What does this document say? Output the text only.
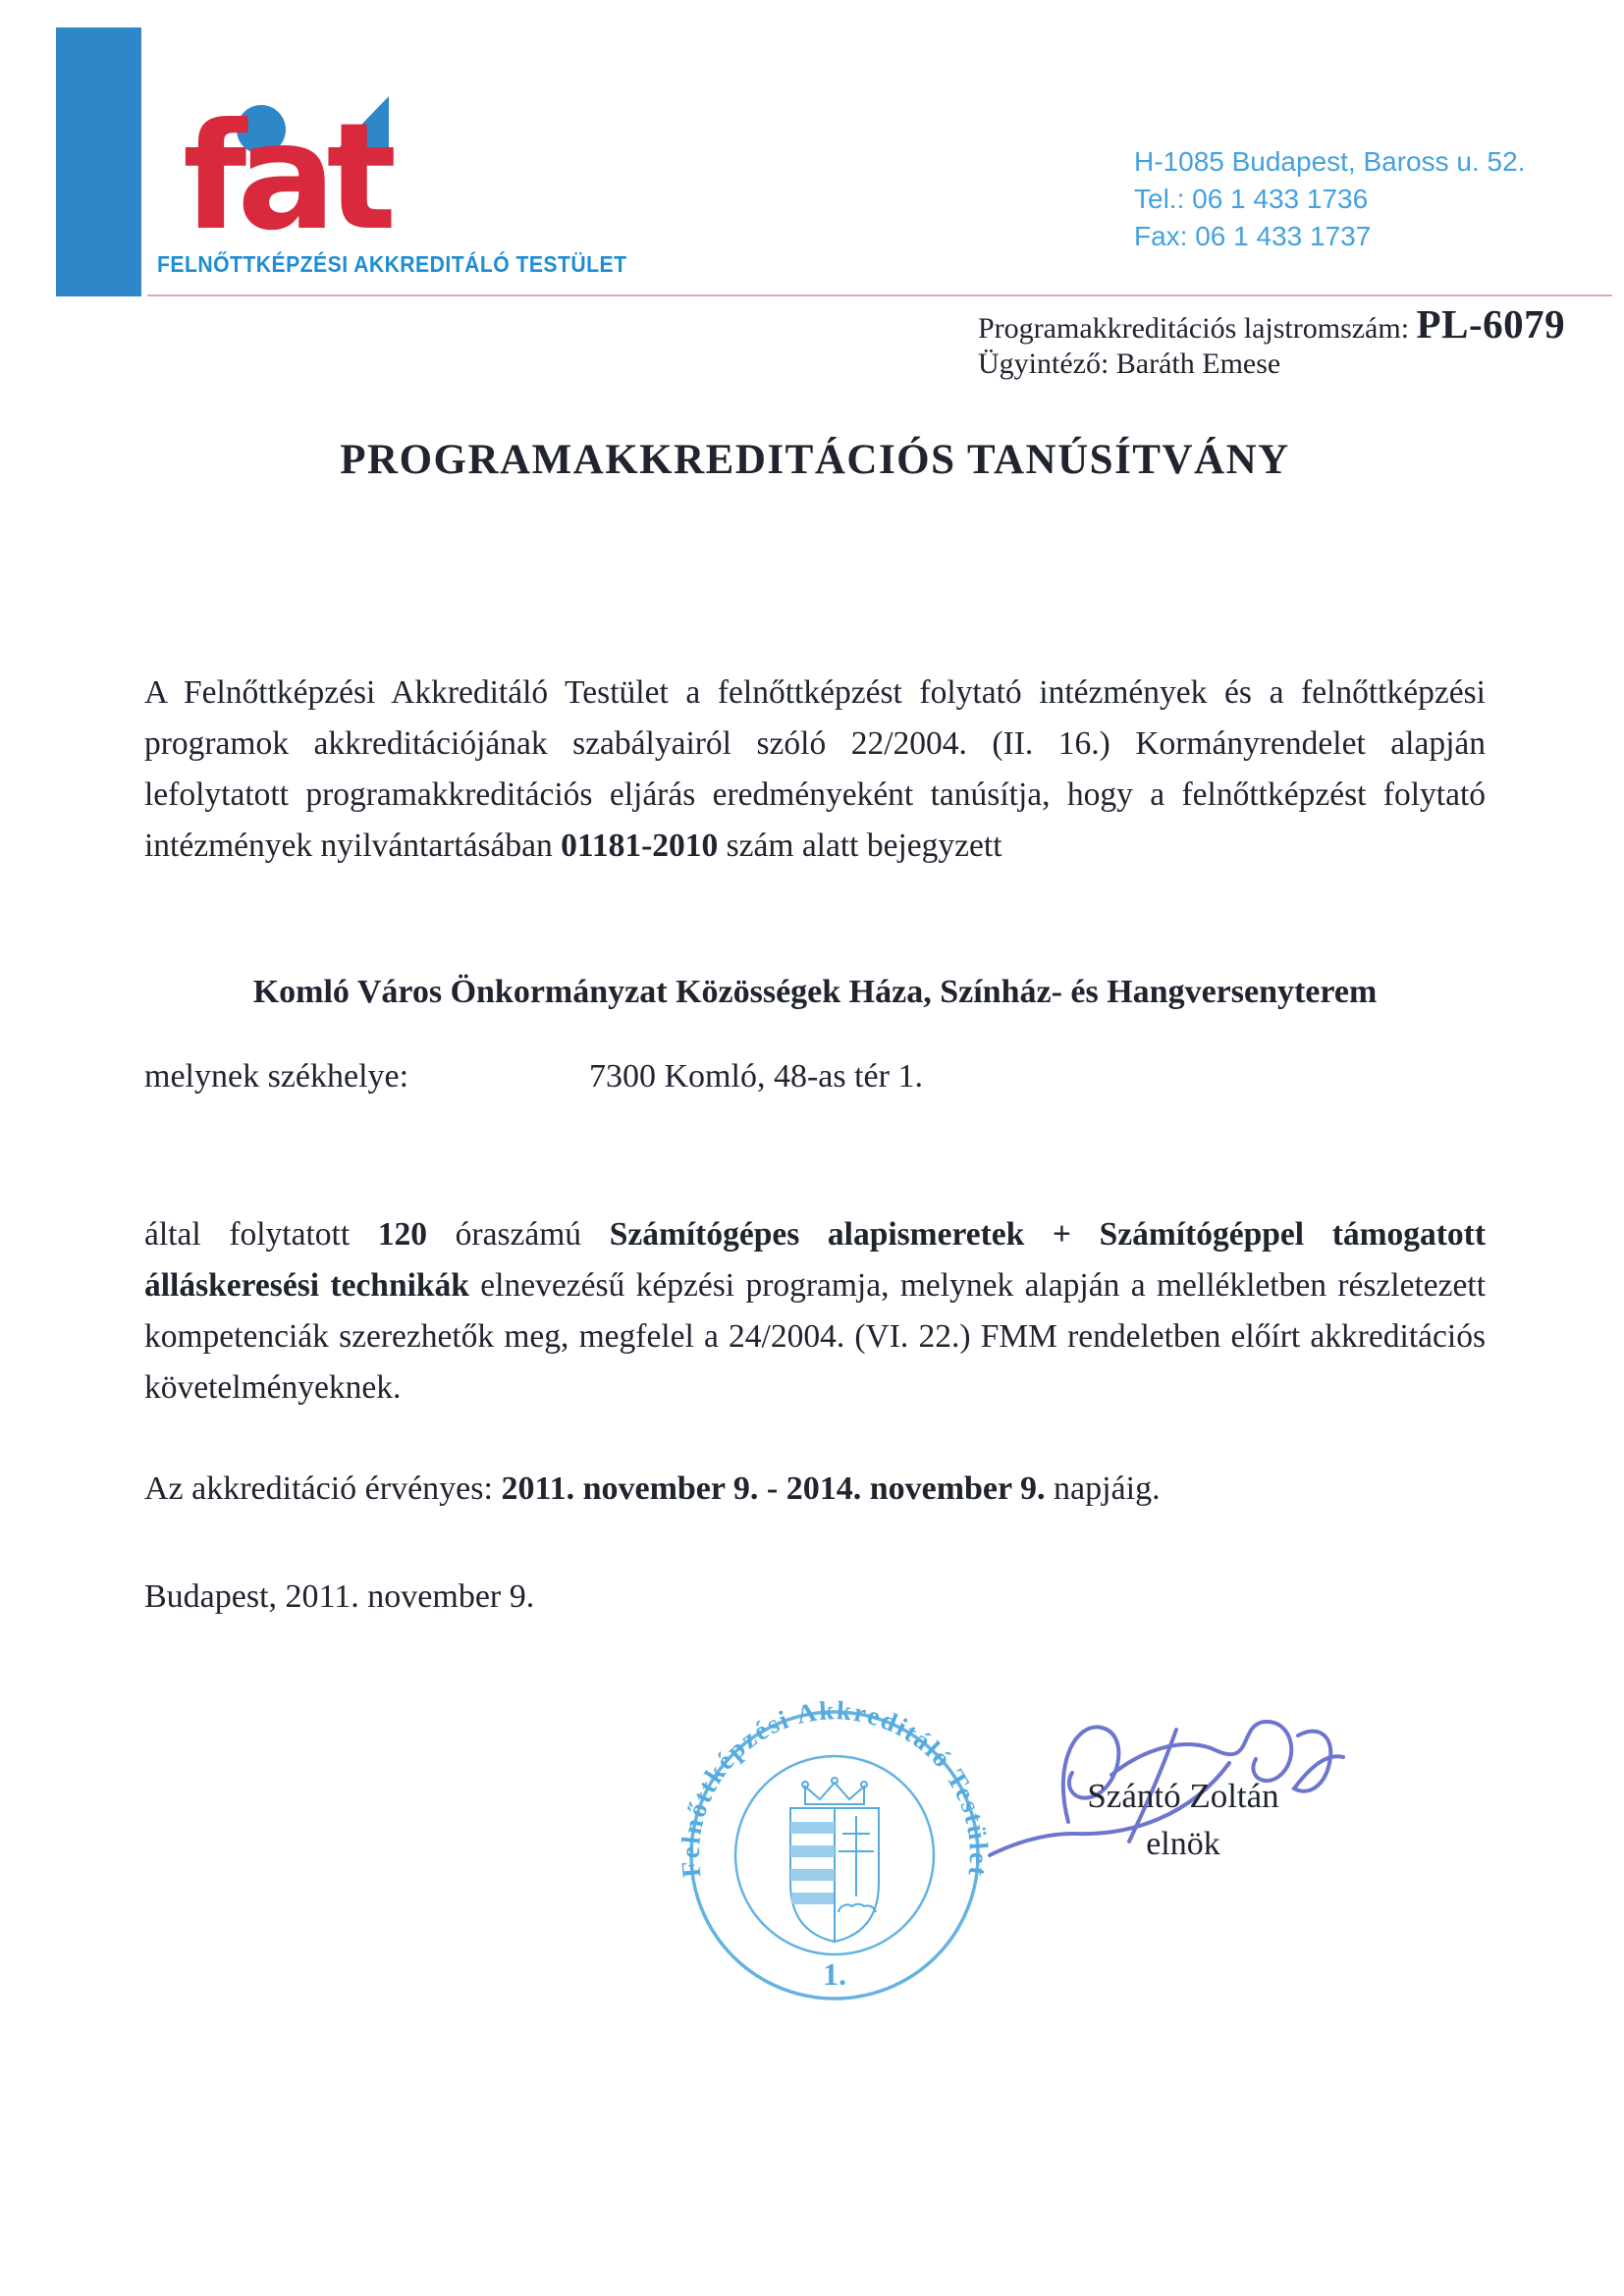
fat
FELNŐTTKÉPZÉSI AKKREDITÁLÓ TESTÜLET
H-1085 Budapest, Baross u. 52.
Tel.: 06 1 433 1736
Fax: 06 1 433 1737
Programakkreditációs lajstromszám: PL-6079
Ügyintéző: Baráth Emese
PROGRAMAKKREDITÁCIÓS TANÚSÍTVÁNY

A Felnőttképzési Akkreditáló Testület a felnőttképzést folytató intézmények és a felnőttképzési programok akkreditációjának szabályairól szóló 22/2004. (II. 16.) Kormányrendelet alapján lefolytatott programakkreditációs eljárás eredményeként tanúsítja, hogy a felnőttképzést folytató intézmények nyilvántartásában 01181-2010 szám alatt bejegyzett

Komló Város Önkormányzat Közösségek Háza, Színház- és Hangversenyterem
melynek székhelye:	7300 Komló, 48-as tér 1.

által folytatott 120 óraszámú Számítógépes alapismeretek + Számítógéppel támogatott álláskeresési technikák elnevezésű képzési programja, melynek alapján a mellékletben részletezett kompetenciák szerezhetők meg, megfelel a 24/2004. (VI. 22.) FMM rendeletben előírt akkreditációs követelményeknek.

Az akkreditáció érvényes: 2011. november 9. - 2014. november 9. napjáig.
Budapest, 2011. november 9.
Felnőttképzési Akkreditáló Testület
1.
Szántó Zoltán
elnök
